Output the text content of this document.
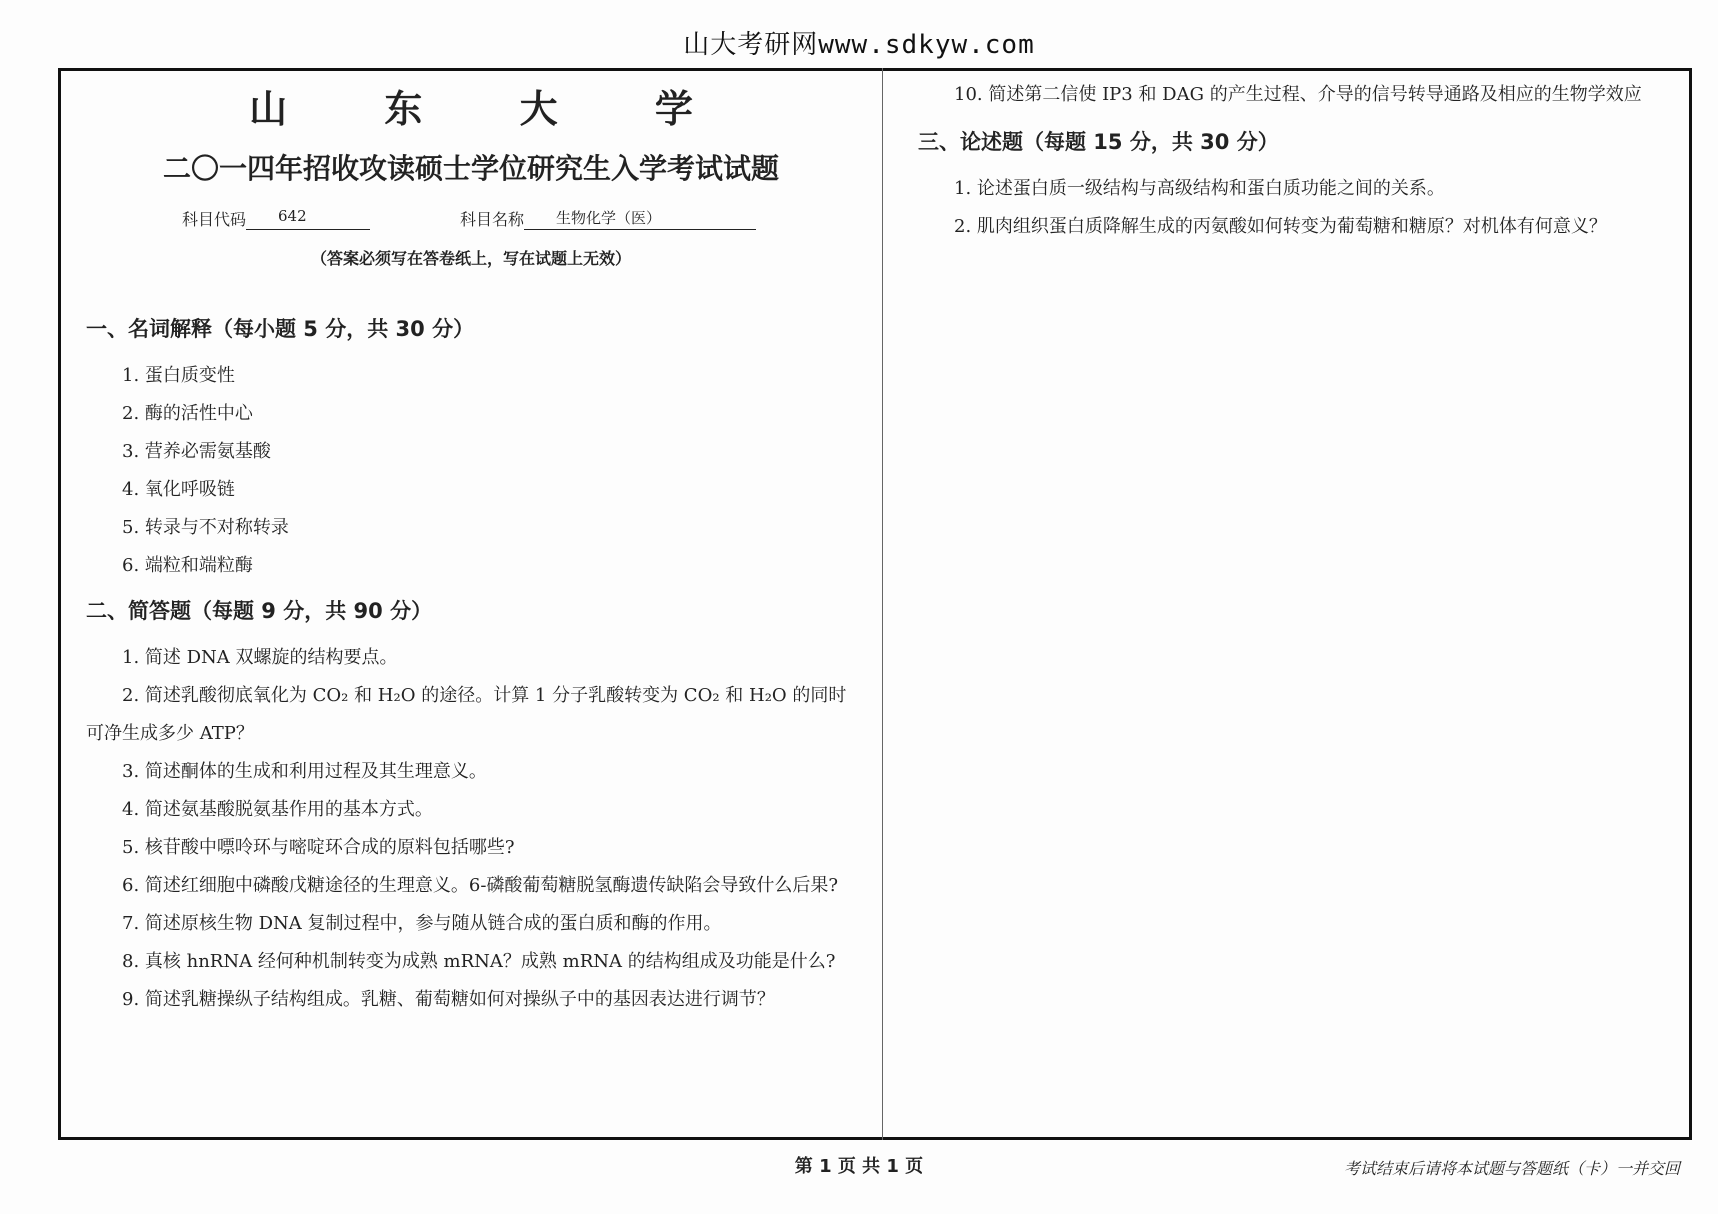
山大考研网www.sdkyw.com
山 东 大 学
二〇一四年招收攻读硕士学位研究生入学考试试题
科目代码	642	科目名称	生物化学（医）
（答案必须写在答卷纸上，写在试题上无效）

一、名词解释（每小题 5 分，共 30 分）

1. 蛋白质变性
2. 酶的活性中心
3. 营养必需氨基酸
4. 氧化呼吸链
5. 转录与不对称转录
6. 端粒和端粒酶

二、简答题（每题 9 分，共 90 分）

1. 简述 DNA 双螺旋的结构要点。
2. 简述乳酸彻底氧化为 CO₂ 和 H₂O 的途径。计算 1 分子乳酸转变为 CO₂ 和 H₂O 的同时可净生成多少 ATP？
3. 简述酮体的生成和利用过程及其生理意义。
4. 简述氨基酸脱氨基作用的基本方式。
5. 核苷酸中嘌呤环与嘧啶环合成的原料包括哪些?
6. 简述红细胞中磷酸戊糖途径的生理意义。6-磷酸葡萄糖脱氢酶遗传缺陷会导致什么后果?
7. 简述原核生物 DNA 复制过程中，参与随从链合成的蛋白质和酶的作用。
8. 真核 hnRNA 经何种机制转变为成熟 mRNA？成熟 mRNA 的结构组成及功能是什么?
9. 简述乳糖操纵子结构组成。乳糖、葡萄糖如何对操纵子中的基因表达进行调节？
10. 简述第二信使 IP3 和 DAG 的产生过程、介导的信号转导通路及相应的生物学效应

三、论述题（每题 15 分，共 30 分）

1. 论述蛋白质一级结构与高级结构和蛋白质功能之间的关系。
2. 肌肉组织蛋白质降解生成的丙氨酸如何转变为葡萄糖和糖原？对机体有何意义？
第 1 页 共 1 页	考试结束后请将本试题与答题纸（卡）一并交回
